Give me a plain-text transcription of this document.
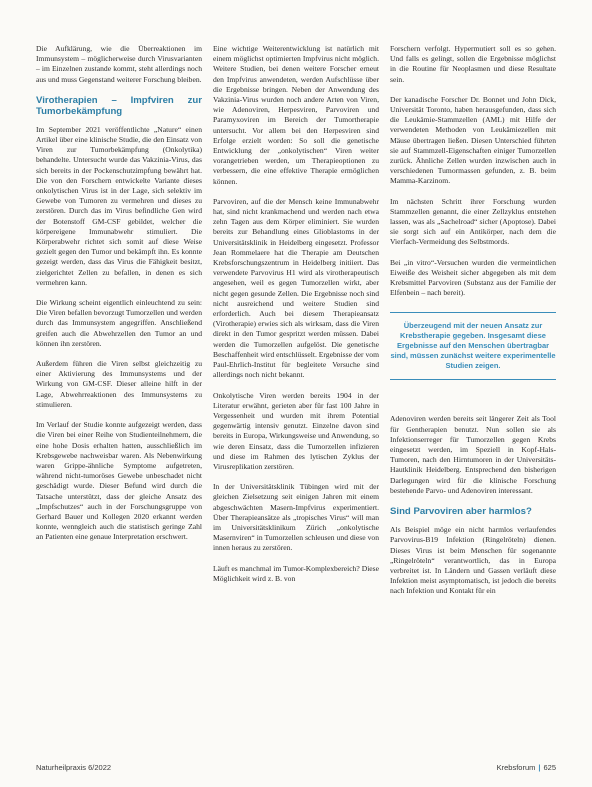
Die Aufklärung, wie die Überreaktionen im Immunsystem – möglicherweise durch Virusvarianten – im Einzelnen zustande kommt, steht allerdings noch aus und muss Gegenstand weiterer Forschung bleiben.

Virotherapien – Impfviren zur Tumorbekämpfung

Im September 2021 veröffentlichte „Nature“ einen Artikel über eine klinische Studie, die den Einsatz von Viren zur Tumorbekämpfung (Onkolytika) behandelte. Untersucht wurde das Vakzinia-Virus, das sich bereits in der Pockenschutzimpfung bewährt hat. Die von den Forschern entwickelte Variante dieses onkolytischen Virus ist in der Lage, sich selektiv im Gewebe von Tumoren zu vermehren und dieses zu zerstören. Durch das im Virus befindliche Gen wird der Botenstoff GM-CSF gebildet, welcher die körpereigene Immunabwehr stimuliert. Die Körperabwehr richtet sich somit auf diese Weise gezielt gegen den Tumor und bekämpft ihn. Es konnte gezeigt werden, dass das Virus die Fähigkeit besitzt, zielgerichtet Zellen zu befallen, in denen es sich vermehren kann.

Die Wirkung scheint eigentlich einleuchtend zu sein: Die Viren befallen bevorzugt Tumorzellen und werden durch das Immunsystem angegriffen. Anschließend greifen auch die Abwehrzellen den Tumor an und können ihn zerstören.

Außerdem führen die Viren selbst gleichzeitig zu einer Aktivierung des Immunsystems und der Wirkung von GM-CSF. Dieser alleine hilft in der Lage, Abwehrreaktionen des Immunsystems zu stimulieren.

Im Verlauf der Studie konnte aufgezeigt werden, dass die Viren bei einer Reihe von Studienteilnehmern, die eine hohe Dosis erhalten hatten, ausschließlich im Krebsgewebe nachweisbar waren. Als Nebenwirkung waren Grippe-ähnliche Symptome aufgetreten, während nicht-tumoröses Gewebe unbeschadet nicht geschädigt wurde. Dieser Befund wird durch die Tatsache unterstützt, dass der gleiche Ansatz des „Impfschutzes“ auch in der Forschungsgruppe von Gerhard Bauer und Kollegen 2020 erkannt werden konnte, wenngleich auch die statistisch geringe Zahl an Patienten eine genaue Interpretation erschwert.

Eine wichtige Weiterentwicklung ist natürlich mit einem möglichst optimierten Impfvirus nicht möglich. Weitere Studien, bei denen weitere Forscher erneut den Impfvirus anwendeten, werden Aufschlüsse über die Ergebnisse bringen. Neben der Anwendung des Vakzinia-Virus wurden noch andere Arten von Viren, wie Adenoviren, Herpesviren, Parvoviren und Paramyxoviren im Bereich der Tumortherapie untersucht. Vor allem bei den Herpesviren sind Erfolge erzielt worden: So soll die genetische Entwicklung der „onkolytischen“ Viren weiter vorangetrieben werden, um Therapieoptionen zu verbessern, die eine effektive Therapie ermöglichen können.

Parvoviren, auf die der Mensch keine Immunabwehr hat, sind nicht krankmachend und werden nach etwa zehn Tagen aus dem Körper eliminiert. Sie wurden bereits zur Behandlung eines Glioblastoms in der Universitätsklinik in Heidelberg eingesetzt. Professor Jean Rommelaere hat die Therapie am Deutschen Krebsforschungszentrum in Heidelberg initiiert. Das verwendete Parvovirus H1 wird als virotherapeutisch angesehen, weil es gegen Tumorzellen wirkt, aber nicht gegen gesunde Zellen. Die Ergebnisse noch sind nicht ausreichend und weitere Studien sind erforderlich. Auch bei diesem Therapieansatz (Virotherapie) erwies sich als wirksam, dass die Viren direkt in den Tumor gespritzt werden müssen. Dabei werden die Tumorzellen aufgelöst. Die genetische Beschaffenheit wird entschlüsselt. Ergebnisse der vom Paul-Ehrlich-Institut für begleitete Versuche sind allerdings noch nicht bekannt.

Onkolytische Viren werden bereits 1904 in der Literatur erwähnt, gerieten aber für fast 100 Jahre in Vergessenheit und wurden mit ihrem Potential gegenwärtig intensiv genutzt. Einzelne davon sind bereits in Europa, Wirkungsweise und Anwendung, so wie deren Einsatz, dass die Tumorzellen infizieren und diese im Rahmen des lytischen Zyklus der Virusreplikation zerstören.

In der Universitätsklinik Tübingen wird mit der gleichen Zielsetzung seit einigen Jahren mit einem abgeschwächten Masern-Impfvirus experimentiert. Über Therapieansätze als „tropisches Virus“ will man im Universitätsklinikum Zürich „onkolytische Masernviren“ in Tumorzellen schleusen und diese von innen heraus zu zerstören.

Läuft es manchmal im Tumor-Komplexbereich? Diese Möglichkeit wird z. B. von

Forschern verfolgt. Hypermutiert soll es so gehen. Und falls es gelingt, sollen die Ergebnisse möglichst in die Routine für Neoplasmen und diese Resultate sein.

Der kanadische Forscher Dr. Bonnet und John Dick, Universität Toronto, haben herausgefunden, dass sich die Leukämie-Stammzellen (AML) mit Hilfe der verwendeten Methoden von Leukämiezellen mit Mäuse übertragen ließen. Diesen Unterschied führten sie auf Stammzell-Eigenschaften einiger Tumorzellen zurück. Ähnliche Zellen wurden inzwischen auch in verschiedenen Tumormassen gefunden, z. B. beim Mamma-Karzinom.

Im nächsten Schritt ihrer Forschung wurden Stammzellen genannt, die einer Zellzyklus entstehen lassen, was als „Sachelroad“ sicher (Apoptose). Dabei sie sorgt sich auf ein Antikörper, nach dem die Vierfach-Vermeidung des Selbstmords.

Bei „in vitro“-Versuchen wurden die vermeintlichen Eiweiße des Weisheit sicher abgegeben als mit dem Krebsmittel Parvoviren (Substanz aus der Familie der Elfenbein – nach bereit).

Überzeugend mit der neuen Ansatz zur Krebstherapie gegeben. Insgesamt diese Ergebnisse auf den Menschen übertragbar sind, müssen zunächst weitere experimentelle Studien zeigen.

Adenoviren werden bereits seit längerer Zeit als Tool für Gentherapien benutzt. Nun sollen sie als Infektionserreger für Tumorzellen gegen Krebs eingesetzt werden, im Speziell in Kopf-Hals-Tumoren, nach den Hirntumoren in der Universitäts-Hautklinik Heidelberg. Entsprechend den bisherigen Darlegungen wird für die klinische Forschung bestehende Parvo- und Adenoviren interessant.

Sind Parvoviren aber harmlos?

Als Beispiel möge ein nicht harmlos verlaufendes Parvovirus-B19 Infektion (Ringelröteln) dienen. Dieses Virus ist beim Menschen für sogenannte „Ringelröteln“ verantwortlich, das in Europa verbreitet ist. In Ländern und Gassen verläuft diese Infektion meist asymptomatisch, ist jedoch die bereits nach Infektion und Kontakt für ein

Naturheilpraxis 6/2022	Krebsforum | 625
